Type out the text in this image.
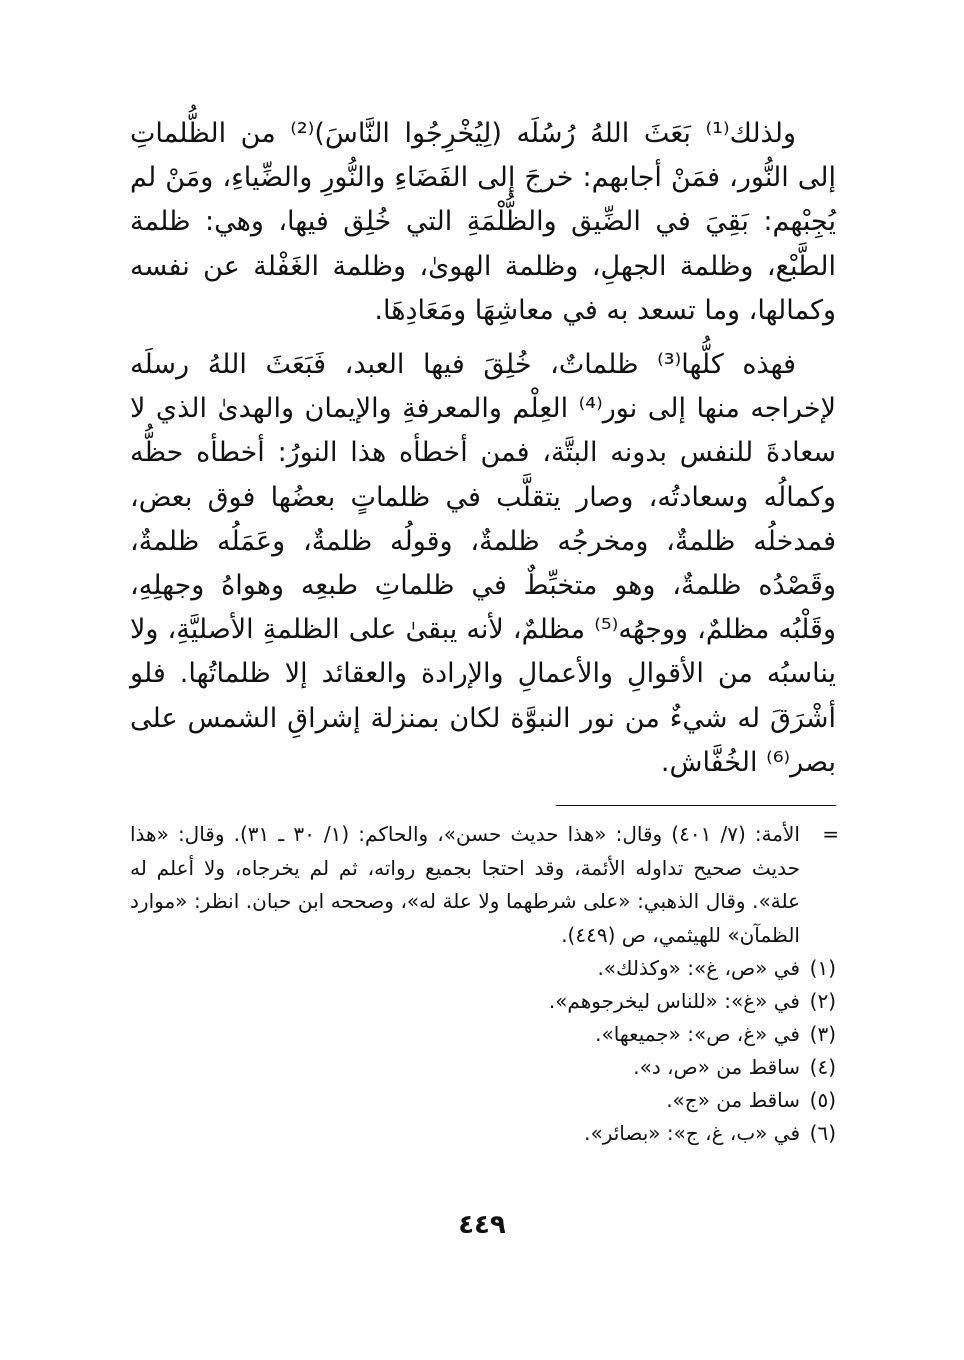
ولذلك⁽¹⁾ بَعَثَ اللهُ رُسُلَه (لِيُخْرِجُوا النَّاسَ)⁽²⁾ من الظُّلماتِ إلى النُّور، فمَنْ أجابهم: خرجَ إلى الفَضَاءِ والنُّورِ والضِّياءِ، ومَنْ لم يُجِبْهم: بَقِيَ في الضِّيق والظُّلْمَةِ التي خُلِق فيها، وهي: ظلمة الطَّبْع، وظلمة الجهلِ، وظلمة الهوىٰ، وظلمة الغَفْلة عن نفسه وكمالها، وما تسعد به في معاشِهَا ومَعَادِهَا.

فهذه كلُّها⁽³⁾ ظلماتٌ، خُلِقَ فيها العبد، فَبَعَثَ اللهُ رسلَه لإخراجه منها إلى نور⁽⁴⁾ العِلْم والمعرفةِ والإيمان والهدىٰ الذي لا سعادةَ للنفس بدونه البتَّة، فمن أخطأه هذا النورُ: أخطأه حظُّه وكمالُه وسعادتُه، وصار يتقلَّب في ظلماتٍ بعضُها فوق بعض، فمدخلُه ظلمةٌ، ومخرجُه ظلمةٌ، وقولُه ظلمةٌ، وعَمَلُه ظلمةٌ، وقَصْدُه ظلمةٌ، وهو متخبِّطٌ في ظلماتِ طبعِه وهواهُ وجهلِهِ، وقَلْبُه مظلمٌ، ووجهُه⁽⁵⁾ مظلمٌ، لأنه يبقىٰ على الظلمةِ الأصليَّةِ، ولا يناسبُه من الأقوالِ والأعمالِ والإرادة والعقائد إلا ظلماتُها. فلو أشْرَقَ له شيءٌ من نور النبوَّة لكان بمنزلة إشراقِ الشمس على بصر⁽⁶⁾ الخُفَّاش.

=
الأمة: (٧/ ٤٠١) وقال: «هذا حديث حسن»، والحاكم: (١/ ٣٠ ـ ٣١). وقال: «هذا حديث صحيح تداوله الأئمة، وقد احتجا بجميع رواته، ثم لم يخرجاه، ولا أعلم له علة». وقال الذهبي: «على شرطهما ولا علة له»، وصححه ابن حبان. انظر: «موارد الظمآن» للهيثمي، ص (٤٤٩).

(١)
في «ص، غ»: «وكذلك».

(٢)
في «غ»: «للناس ليخرجوهم».

(٣)
في «غ، ص»: «جميعها».

(٤)
ساقط من «ص، د».

(٥)
ساقط من «ج».

(٦)
في «ب، غ، ج»: «بصائر».

٤٤٩
